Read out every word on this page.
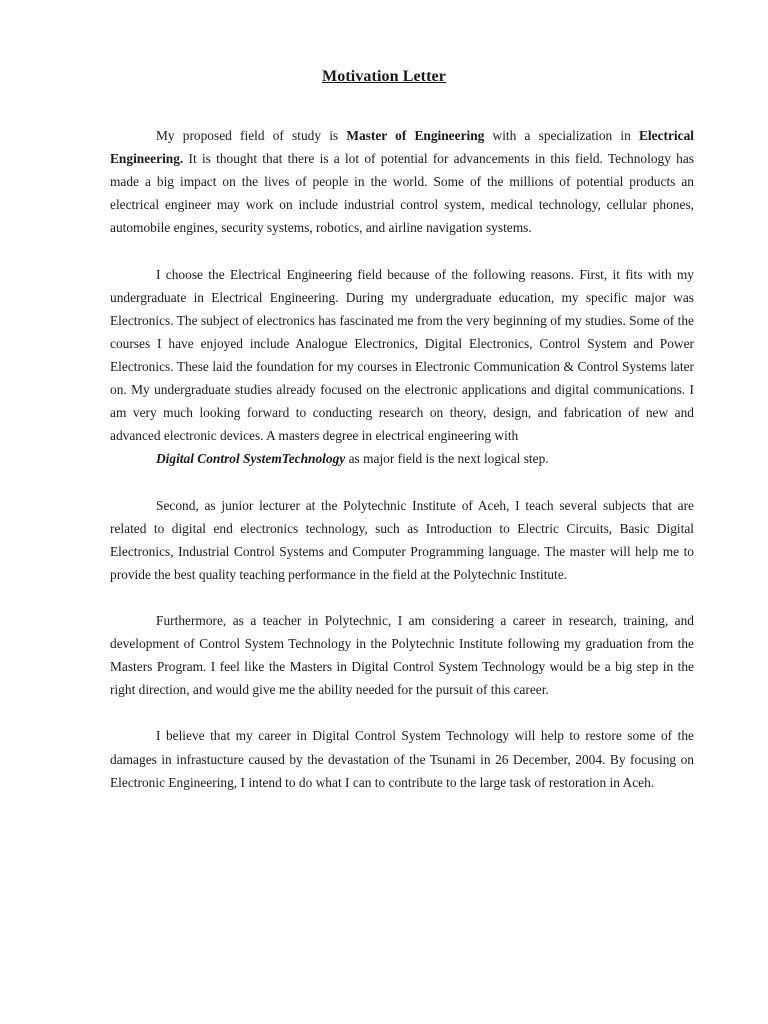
Motivation Letter

My proposed field of study is Master of Engineering with a specialization in Electrical Engineering. It is thought that there is a lot of potential for advancements in this field. Technology has made a big impact on the lives of people in the world. Some of the millions of potential products an electrical engineer may work on include industrial control system, medical technology, cellular phones, automobile engines, security systems, robotics, and airline navigation systems.

I choose the Electrical Engineering field because of the following reasons. First, it fits with my undergraduate in Electrical Engineering. During my undergraduate education, my specific major was Electronics. The subject of electronics has fascinated me from the very beginning of my studies. Some of the courses I have enjoyed include Analogue Electronics, Digital Electronics, Control System and Power Electronics. These laid the foundation for my courses in Electronic Communication & Control Systems later on. My undergraduate studies already focused on the electronic applications and digital communications. I am very much looking forward to conducting research on theory, design, and fabrication of new and advanced electronic devices. A masters degree in electrical engineering with

Digital Control SystemTechnology as major field is the next logical step.

Second, as junior lecturer at the Polytechnic Institute of Aceh, I teach several subjects that are related to digital end electronics technology, such as Introduction to Electric Circuits, Basic Digital Electronics, Industrial Control Systems and Computer Programming language. The master will help me to provide the best quality teaching performance in the field at the Polytechnic Institute.

Furthermore, as a teacher in Polytechnic, I am considering a career in research, training, and development of Control System Technology in the Polytechnic Institute following my graduation from the Masters Program. I feel like the Masters in Digital Control System Technology would be a big step in the right direction, and would give me the ability needed for the pursuit of this career.

I believe that my career in Digital Control System Technology will help to restore some of the damages in infrastucture caused by the devastation of the Tsunami in 26 December, 2004. By focusing on Electronic Engineering, I intend to do what I can to contribute to the large task of restoration in Aceh.
